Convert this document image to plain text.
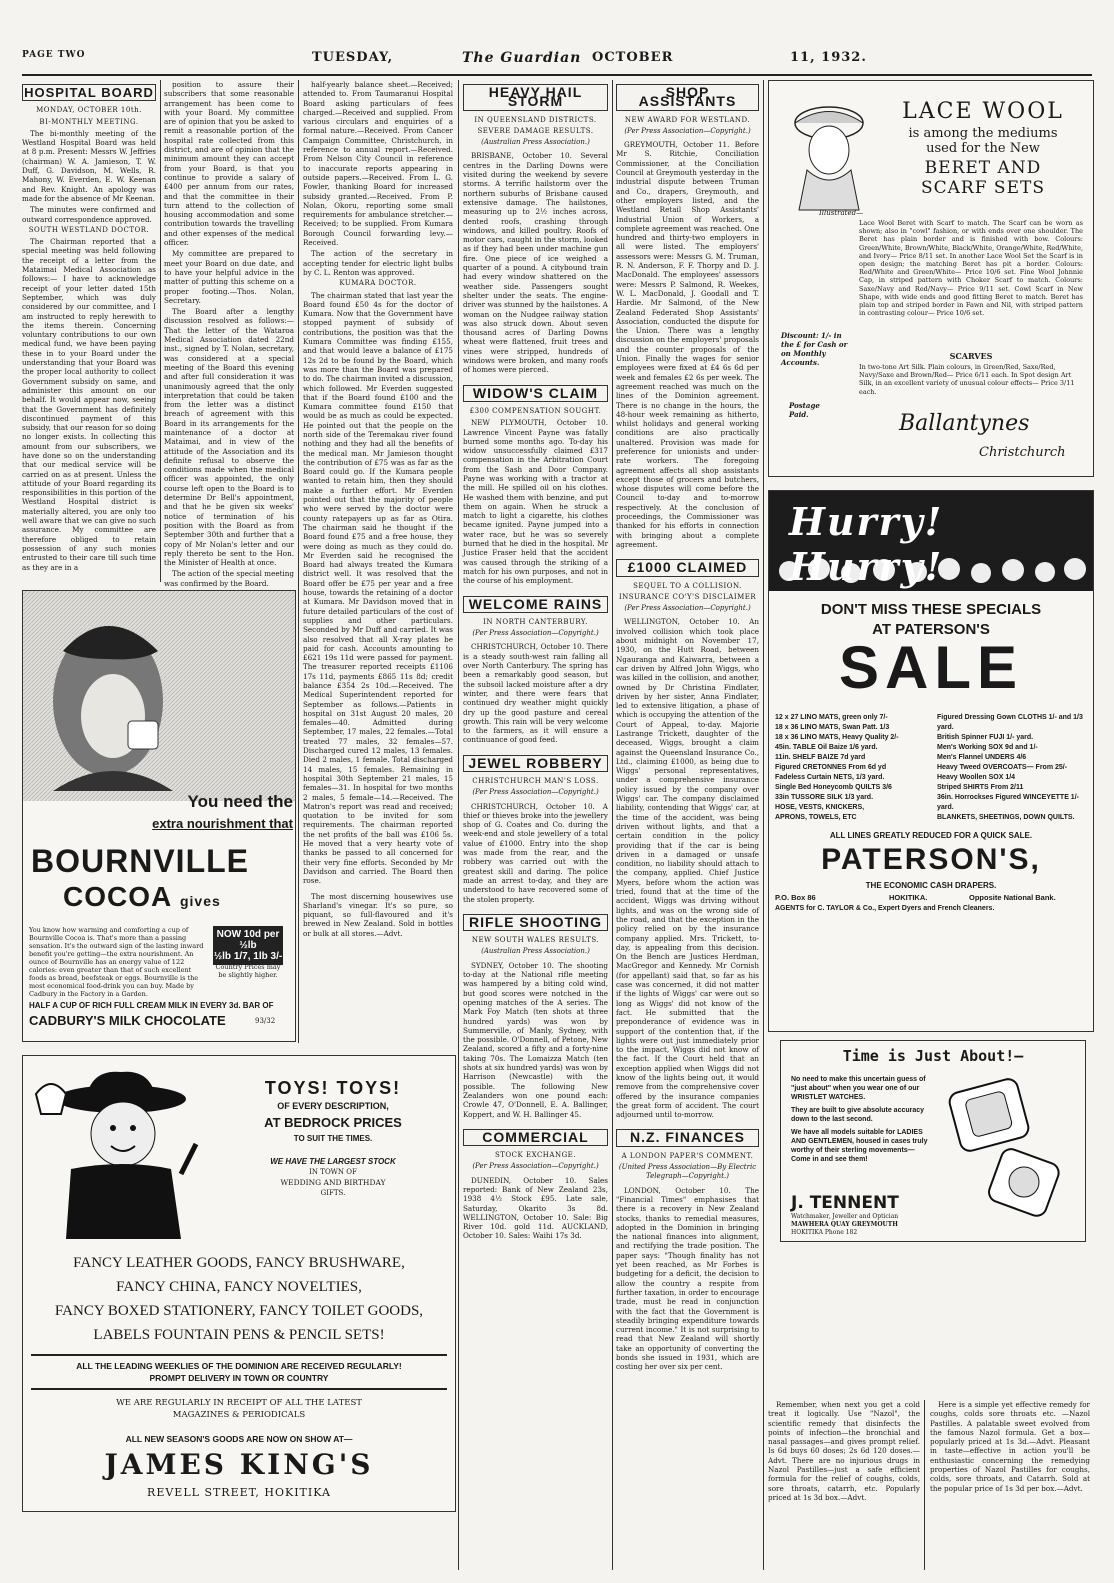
PAGE TWO	TUESDAY,	The Guardian OCTOBER	11, 1932.
HOSPITAL BOARD
MONDAY, OCTOBER 10th.
BI-MONTHLY MEETING.

The bi-monthly meeting of the Westland Hospital Board was held at 8 p.m. Present: Messrs W. Jeffries (chairman) W. A. Jamieson, T. W. Duff, G. Davidson, M. Wells, R. Mahony, W. Everden, E. W. Keenan and Rev. Knight. An apology was made for the absence of Mr Keenan.

The minutes were confirmed and outward correspondence approved.

SOUTH WESTLAND DOCTOR.

The Chairman reported that a special meeting was held following the receipt of a letter from the Mataimai Medical Association as follows:— I have to acknowledge receipt of your letter dated 15th September, which was duly considered by our committee, and I am instructed to reply herewith to the items therein. Concerning voluntary contributions to our own medical fund, we have been paying these in to your Board under the understanding that your Board was the proper local authority to collect Government subsidy on same, and administer this amount on our behalf. It would appear now, seeing that the Government has definitely discontinued payment of this subsidy, that our reason for so doing no longer exists. In collecting this amount from our subscribers, we have done so on the understanding that our medical service will be carried on as at present. Unless the attitude of your Board regarding its responsibilities in this portion of the Westland Hospital district is materially altered, you are only too well aware that we can give no such assurance. My committee are therefore obliged to retain possession of any such monies entrusted to their care till such time as they are in a

position to assure their subscribers that some reasonable arrangement has been come to with your Board. My committee are of opinion that you be asked to remit a reasonable portion of the hospital rate collected from this district, and are of opinion that the minimum amount they can accept from your Board, is that you continue to provide a salary of £400 per annum from our rates, and that the committee in their turn attend to the collection of housing accommodation and some contribution towards the travelling and other expenses of the medical officer.

My committee are prepared to meet your Board on due date, and to have your helpful advice in the matter of putting this scheme on a proper footing.—Thos. Nolan, Secretary.

The Board after a lengthy discussion resolved as follows:— That the letter of the Wataroa Medical Association dated 22nd inst., signed by T. Nolan, secretary, was considered at a special meeting of the Board this evening and after full consideration it was unanimously agreed that the only interpretation that could be taken from the letter was a distinct breach of agreement with this Board in its arrangements for the maintenance of a doctor at Mataimai, and in view of the attitude of the Association and its definite refusal to observe the conditions made when the medical officer was appointed, the only course left open to the Board is to determine Dr Bell's appointment, and that he be given six weeks' notice of termination of his position with the Board as from September 30th and further that a copy of Mr Nolan's letter and our reply thereto be sent to the Hon. the Minister of Health at once.

The action of the special meeting was confirmed by the Board.

half-yearly balance sheet.—Received; attended to. From Taumaranui Hospital Board asking particulars of fees charged.—Received and supplied. From various circulars and enquiries of a formal nature.—Received. From Cancer Campaign Committee, Christchurch, in reference to annual report.—Received. From Nelson City Council in reference to inaccurate reports appearing in outside papers.—Received. From L. G. Fowler, thanking Board for increased subsidy granted.—Received. From P. Nolan, Okoru, reporting some small requirements for ambulance stretcher.—Received; to be supplied. From Kumara Borough Council forwarding levy.—Received.

The action of the secretary in accepting tender for electric light bulbs by C. L. Renton was approved.

KUMARA DOCTOR.

The chairman stated that last year the Board found £50 4s for the doctor of Kumara. Now that the Government have stopped payment of subsidy of contributions, the position was that the Kumara Committee was finding £155, and that would leave a balance of £175 12s 2d to be found by the Board, which was more than the Board was prepared to do. The chairman invited a discussion, which followed. Mr Everden suggested that if the Board found £100 and the Kumara committee found £150 that would be as much as could be expected. He pointed out that the people on the north side of the Teremakau river found nothing and they had all the benefits of the medical man. Mr Jamieson thought the contribution of £75 was as far as the Board could go. If the Kumara people wanted to retain him, then they should make a further effort. Mr Everden pointed out that the majority of people who were served by the doctor were county ratepayers up as far as Otira. The chairman said he thought if the Board found £75 and a free house, they were doing as much as they could do. Mr Everden said he recognised the Board had always treated the Kumara district well. It was resolved that the Board offer be £75 per year and a free house, towards the retaining of a doctor at Kumara. Mr Davidson moved that in future detailed particulars of the cost of supplies and other particulars. Seconded by Mr Duff and carried. It was also resolved that all X-ray plates be paid for cash. Accounts amounting to £621 19s 11d were passed for payment. The treasurer reported receipts £1106 17s 11d, payments £865 11s 8d; credit balance £354 2s 10d.—Received. The Medical Superintendent reported for September as follows.—Patients in hospital on 31st August 20 males, 20 females—40. Admitted during September, 17 males, 22 females.—Total treated 77 males, 32 females—57. Discharged cured 12 males, 13 females. Died 2 males, 1 female. Total discharged 14 males, 15 females. Remaining in hospital 30th September 21 males, 15 females—31. In hospital for two months 2 males, 5 female—14.—Received. The Matron's report was read and received; quotation to be invited for som requirements. The chairman reported the net profits of the ball was £106 5s. He moved that a very hearty vote of thanks be passed to all concerned for their very fine efforts. Seconded by Mr Davidson and carried. The Board then rose.

The most discerning housewives use Sharland's vinegar. It's so pure, so piquant, so full-flavoured and it's brewed in New Zealand. Sold in bottles or bulk at all stores.—Advt.

You need the
extra nourishment that
BOURNVILLE
COCOA gives
You know how warming and comforting a cup of Bournville Cocoa is. That's more than a passing sensation. It's the outward sign of the lasting inward benefit you're getting—the extra nourishment. An ounce of Bournville has an energy value of 122 calories: even greater than that of such excellent foods as bread, beefsteak or eggs. Bournville is the most economical food-drink you can buy. Made by Cadbury in the Factory in a Garden.
NOW 10d per ½lb
½lb 1/7, 1lb 3/-
Country Prices may be slightly higher.
HALF A CUP OF RICH FULL CREAM MILK IN EVERY 3d. BAR OF
CADBURY'S MILK CHOCOLATE	93/32
TOYS! TOYS!
OF EVERY DESCRIPTION,
AT BEDROCK PRICES
TO SUIT THE TIMES.
WE HAVE THE LARGEST STOCK
IN TOWN OF
WEDDING AND BIRTHDAY
GIFTS.
FANCY LEATHER GOODS, FANCY BRUSHWARE,
FANCY CHINA, FANCY NOVELTIES,
FANCY BOXED STATIONERY, FANCY TOILET GOODS,
LABELS FOUNTAIN PENS & PENCIL SETS!
ALL THE LEADING WEEKLIES OF THE DOMINION ARE RECEIVED REGULARLY!
PROMPT DELIVERY IN TOWN OR COUNTRY
WE ARE REGULARLY IN RECEIPT OF ALL THE LATEST
MAGAZINES & PERIODICALS
ALL NEW SEASON'S GOODS ARE NOW ON SHOW AT—
JAMES KING'S
REVELL STREET, HOKITIKA
HEAVY HAIL STORM
IN QUEENSLAND DISTRICTS.
SEVERE DAMAGE RESULTS.
(Australian Press Association.)

BRISBANE, October 10. Several centres in the Darling Downs were visited during the weekend by severe storms. A terrific hailstorm over the northern suburbs of Brisbane caused extensive damage. The hailstones, measuring up to 2½ inches across, dented roofs, crashing through windows, and killed poultry. Roofs of motor cars, caught in the storm, looked as if they had been under machine gun fire. One piece of ice weighed a quarter of a pound. A citybound train had every window shattered on the weather side. Passengers sought shelter under the seats. The engine-driver was stunned by the hailstones. A woman on the Nudgee railway station was also struck down. About seven thousand acres of Darling Downs wheat were flattened, fruit trees and vines were stripped, hundreds of windows were broken, and many roofs of homes were pierced.

WIDOW'S CLAIM
£300 COMPENSATION SOUGHT.

NEW PLYMOUTH, October 10. Lawrence Vincent Payne was fatally burned some months ago. To-day his widow unsuccessfully claimed £317 compensation in the Arbitration Court from the Sash and Door Company. Payne was working with a tractor at the mill. He spilled oil on his clothes. He washed them with benzine, and put them on again. When he struck a match to light a cigarette, his clothes became ignited. Payne jumped into a water race, but he was so severely burned that he died in the hospital. Mr Justice Fraser held that the accident was caused through the striking of a match for his own purposes, and not in the course of his employment.

WELCOME RAINS
IN NORTH CANTERBURY.
(Per Press Association—Copyright.)

CHRISTCHURCH, October 10. There is a steady south-west rain falling all over North Canterbury. The spring has been a remarkably good season, but the subsoil lacked moisture after a dry winter, and there were fears that continued dry weather might quickly dry up the good pasture and cereal growth. This rain will be very welcome to the farmers, as it will ensure a continuance of good feed.

JEWEL ROBBERY
CHRISTCHURCH MAN'S LOSS.
(Per Press Association—Copyright.)

CHRISTCHURCH, October 10. A thief or thieves broke into the jewellery shop of G. Coates and Co. during the week-end and stole jewellery of a total value of £1000. Entry into the shop was made from the rear, and the robbery was carried out with the greatest skill and daring. The police made an arrest to-day, and they are understood to have recovered some of the stolen property.

RIFLE SHOOTING
NEW SOUTH WALES RESULTS.
(Australian Press Association.)

SYDNEY, October 10. The shooting to-day at the National rifle meeting was hampered by a biting cold wind, but good scores were notched in the opening matches of the A series. The Mark Foy Match (ten shots at three hundred yards) was won by Summerville, of Manly, Sydney, with the possible. O'Donnell, of Petone, New Zealand, scored a fifty and a forty-nine taking 70s. The Lomaizza Match (ten shots at six hundred yards) was won by Harrison (Newcastle) with the possible. The following New Zealanders won one pound each: Crowle 47, O'Donnell, E. A. Ballinger, Koppert, and W. H. Ballinger 45.

COMMERCIAL
STOCK EXCHANGE.
(Per Press Association—Copyright.)

DUNEDIN, October 10. Sales reported: Bank of New Zealand 23s, 1938 4½ Stock £95. Late sale, Saturday, Okarito 3s 8d. WELLINGTON, October 10. Sale: Big River 10d. gold 11d. AUCKLAND, October 10. Sales: Waihi 17s 3d.

SHOP ASSISTANTS
NEW AWARD FOR WESTLAND.
(Per Press Association—Copyright.)

GREYMOUTH, October 11. Before Mr S. Ritchie, Conciliation Commissioner, at the Conciliation Council at Greymouth yesterday in the industrial dispute between Truman and Co., drapers, Greymouth, and other employers listed, and the Westland Retail Shop Assistants' Industrial Union of Workers, a complete agreement was reached. One hundred and thirty-two employers in all were listed. The employers' assessors were: Messrs G. M. Truman, R. N. Anderson, F. F. Thorpy and D. J. MacDonald. The employees' assessors were: Messrs P. Salmond, R. Weekes, W. L. MacDonald, J. Goodall and T. Hardie. Mr Salmond, of the New Zealand Federated Shop Assistants' Association, conducted the dispute for the Union. There was a lengthy discussion on the employers' proposals and the counter proposals of the Union. Finally the wages for senior employees were fixed at £4 6s 6d per week and females £2 6s per week. The agreement reached was much on the lines of the Dominion agreement. There is no change in the hours, the 48-hour week remaining as hitherto, whilst holidays and general working conditions are also practically unaltered. Provision was made for preference for unionists and under-rate workers. The foregoing agreement affects all shop assistants except those of grocers and butchers, whose disputes will come before the Council to-day and to-morrow respectively. At the conclusion of proceedings, the Commissioner was thanked for his efforts in connection with bringing about a complete agreement.

£1000 CLAIMED
SEQUEL TO A COLLISION.
INSURANCE CO'Y'S DISCLAIMER
(Per Press Association—Copyright.)

WELLINGTON, October 10. An involved collision which took place about midnight on November 17, 1930, on the Hutt Road, between Ngauranga and Kaiwarra, between a car driven by Alfred John Wiggs, who was killed in the collision, and another, owned by Dr Christina Findlater, driven by her sister, Anna Findlater, led to extensive litigation, a phase of which is occupying the attention of the Court of Appeal, to-day. Majorie Lastrange Trickett, daughter of the deceased, Wiggs, brought a claim against the Queensland Insurance Co., Ltd., claiming £1000, as being due to Wiggs' personal representatives, under a comprehensive insurance policy issued by the company over Wiggs' car. The company disclaimed liability, contending that Wiggs' car, at the time of the accident, was being driven without lights, and that a certain condition in the policy providing that if the car is being driven in a damaged or unsafe condition, no liability should attach to the company, applied. Chief Justice Myers, before whom the action was tried, found that at the time of the accident, Wiggs was driving without lights, and was on the wrong side of the road, and that the exception in the policy relied on by the insurance company applied. Mrs. Trickett, to-day, is appealing from this decision. On the Bench are Justices Herdman, MacGregor and Kennedy. Mr Cornish (for appellant) said that, so far as his case was concerned, it did not matter if the lights of Wiggs' car were out so long as Wiggs' did not know of the fact. He submitted that the preponderance of evidence was in support of the contention that, if the lights were out just immediately prior to the impact, Wiggs did not know of the fact. If the Court held that an exception applied when Wiggs did not know of the lights being out, it would remove from the comprehensive cover offered by the insurance companies the great form of accident. The court adjourned until to-morrow.

N.Z. FINANCES
A LONDON PAPER'S COMMENT.
(United Press Association—By Electric Telegraph—Copyright.)

LONDON, October 10. The "Financial Times" emphasises that there is a recovery in New Zealand stocks, thanks to remedial measures, adopted in the Dominion in bringing the national finances into alignment, and rectifying the trade position. The paper says: "Though finality has not yet been reached, as Mr Forbes is budgeting for a deficit, the decision to allow the country a respite from further taxation, in order to encourage trade, must be read in conjunction with the fact that the Government is steadily bringing expenditure towards current income." It is not surprising to read that New Zealand will shortly take an opportunity of converting the bonds she issued in 1931, which are costing her over six per cent.

LACE WOOL
is among the mediums
used for the New
BERET AND
SCARF SETS
Illustrated—
Lace Wool Beret with Scarf to match. The Scarf can be worn as shown; also in "cowl" fashion, or with ends over one shoulder. The Beret has plain border and is finished with bow. Colours: Green/White, Brown/White, Black/White, Orange/White, Red/White, and Ivory— Price 8/11 set. In another Lace Wool Set the Scarf is in open design; the matching Beret has pit a border. Colours: Red/White and Green/White— Price 10/6 set. Fine Wool Johnnie Cap, in striped pattern with Choker Scarf to match. Colours: Saxe/Navy and Red/Navy— Price 9/11 set. Cowl Scarf in New Shape, with wide ends and good fitting Beret to match. Beret has plain top and striped border in Fawn and Nil, with striped pattern in contrasting colour— Price 10/6 set.
Discount: 1/- in the £ for Cash or on Monthly Accounts.
SCARVES
In two-tone Art Silk. Plain colours, in Green/Red, Saxe/Red, Navy/Saxe and Brown/Red— Price 6/11 each. In Spot design Art Silk, in an excellent variety of unusual colour effects— Price 3/11 each.
Postage Paid.	Ballantynes
Christchurch
Hurry! Hurry!
DON'T MISS THESE SPECIALS
AT PATERSON'S
SALE
12 x 27 LINO MATS, green only 7/-
18 x 36 LINO MATS, Swan Patt. 1/3
18 x 36 LINO MATS, Heavy Quality 2/-
45in. TABLE Oil Baize 1/6 yard.
11in. SHELF BAIZE 7d yard
Figured CRETONNES From 6d yd
Fadeless Curtain NETS, 1/3 yard.
Single Bed Honeycomb QUILTS 3/6
33in TUSSORE SILK 1/3 yard.
HOSE, VESTS, KNICKERS,
APRONS, TOWELS, ETC
Figured Dressing Gown CLOTHS 1/- and 1/3 yard.
British Spinner FUJI 1/- yard.
Men's Working SOX 9d and 1/-
Men's Flannel UNDERS 4/6
Heavy Tweed OVERCOATS— From 25/-
Heavy Woollen SOX 1/4
Striped SHIRTS From 2/11
36in. Horrockses Figured WINCEYETTE 1/- yard.
BLANKETS, SHEETINGS, DOWN QUILTS.
ALL LINES GREATLY REDUCED FOR A QUICK SALE.
PATERSON'S,
THE ECONOMIC CASH DRAPERS.
P.O. Box 86	HOKITIKA.	Opposite National Bank.
AGENTS for C. TAYLOR & Co., Expert Dyers and French Cleaners.
Time is Just About!—

No need to make this uncertain guess of "just about" when you wear one of our WRISTLET WATCHES.

They are built to give absolute accuracy down to the last second.

We have all models suitable for LADIES AND GENTLEMEN, housed in cases truly worthy of their sterling movements— Come in and see them!

J. TENNENT
Watchmaker, Jeweller and Optician
MAWHERA QUAY GREYMOUTH
HOKITIKA Phone 182

Remember, when next you get a cold treat it logically. Use "Nazol", the scientific remedy that disinfects the points of infection—the bronchial and nasal passages—and gives prompt relief. Is 6d buys 60 doses; 2s 6d 120 doses.—Advt. There are no injurious drugs in Nazol Pastilles—just a safe efficient formula for the relief of coughs, colds, sore throats, catarrh, etc. Popularly priced at 1s 3d box.—Advt.

Here is a simple yet effective remedy for coughs, colds sore throats etc. —Nazol Pastilles. A palatable sweet evolved from the famous Nazol formula. Get a box—popularly priced at 1s 3d.—Advt. Pleasant in taste—effective in action you'll be enthusiastic concerning the remedying properties of Nazol Pastilles for coughs, colds, sore throats, and Catarrh. Sold at the popular price of 1s 3d per box.—Advt.
